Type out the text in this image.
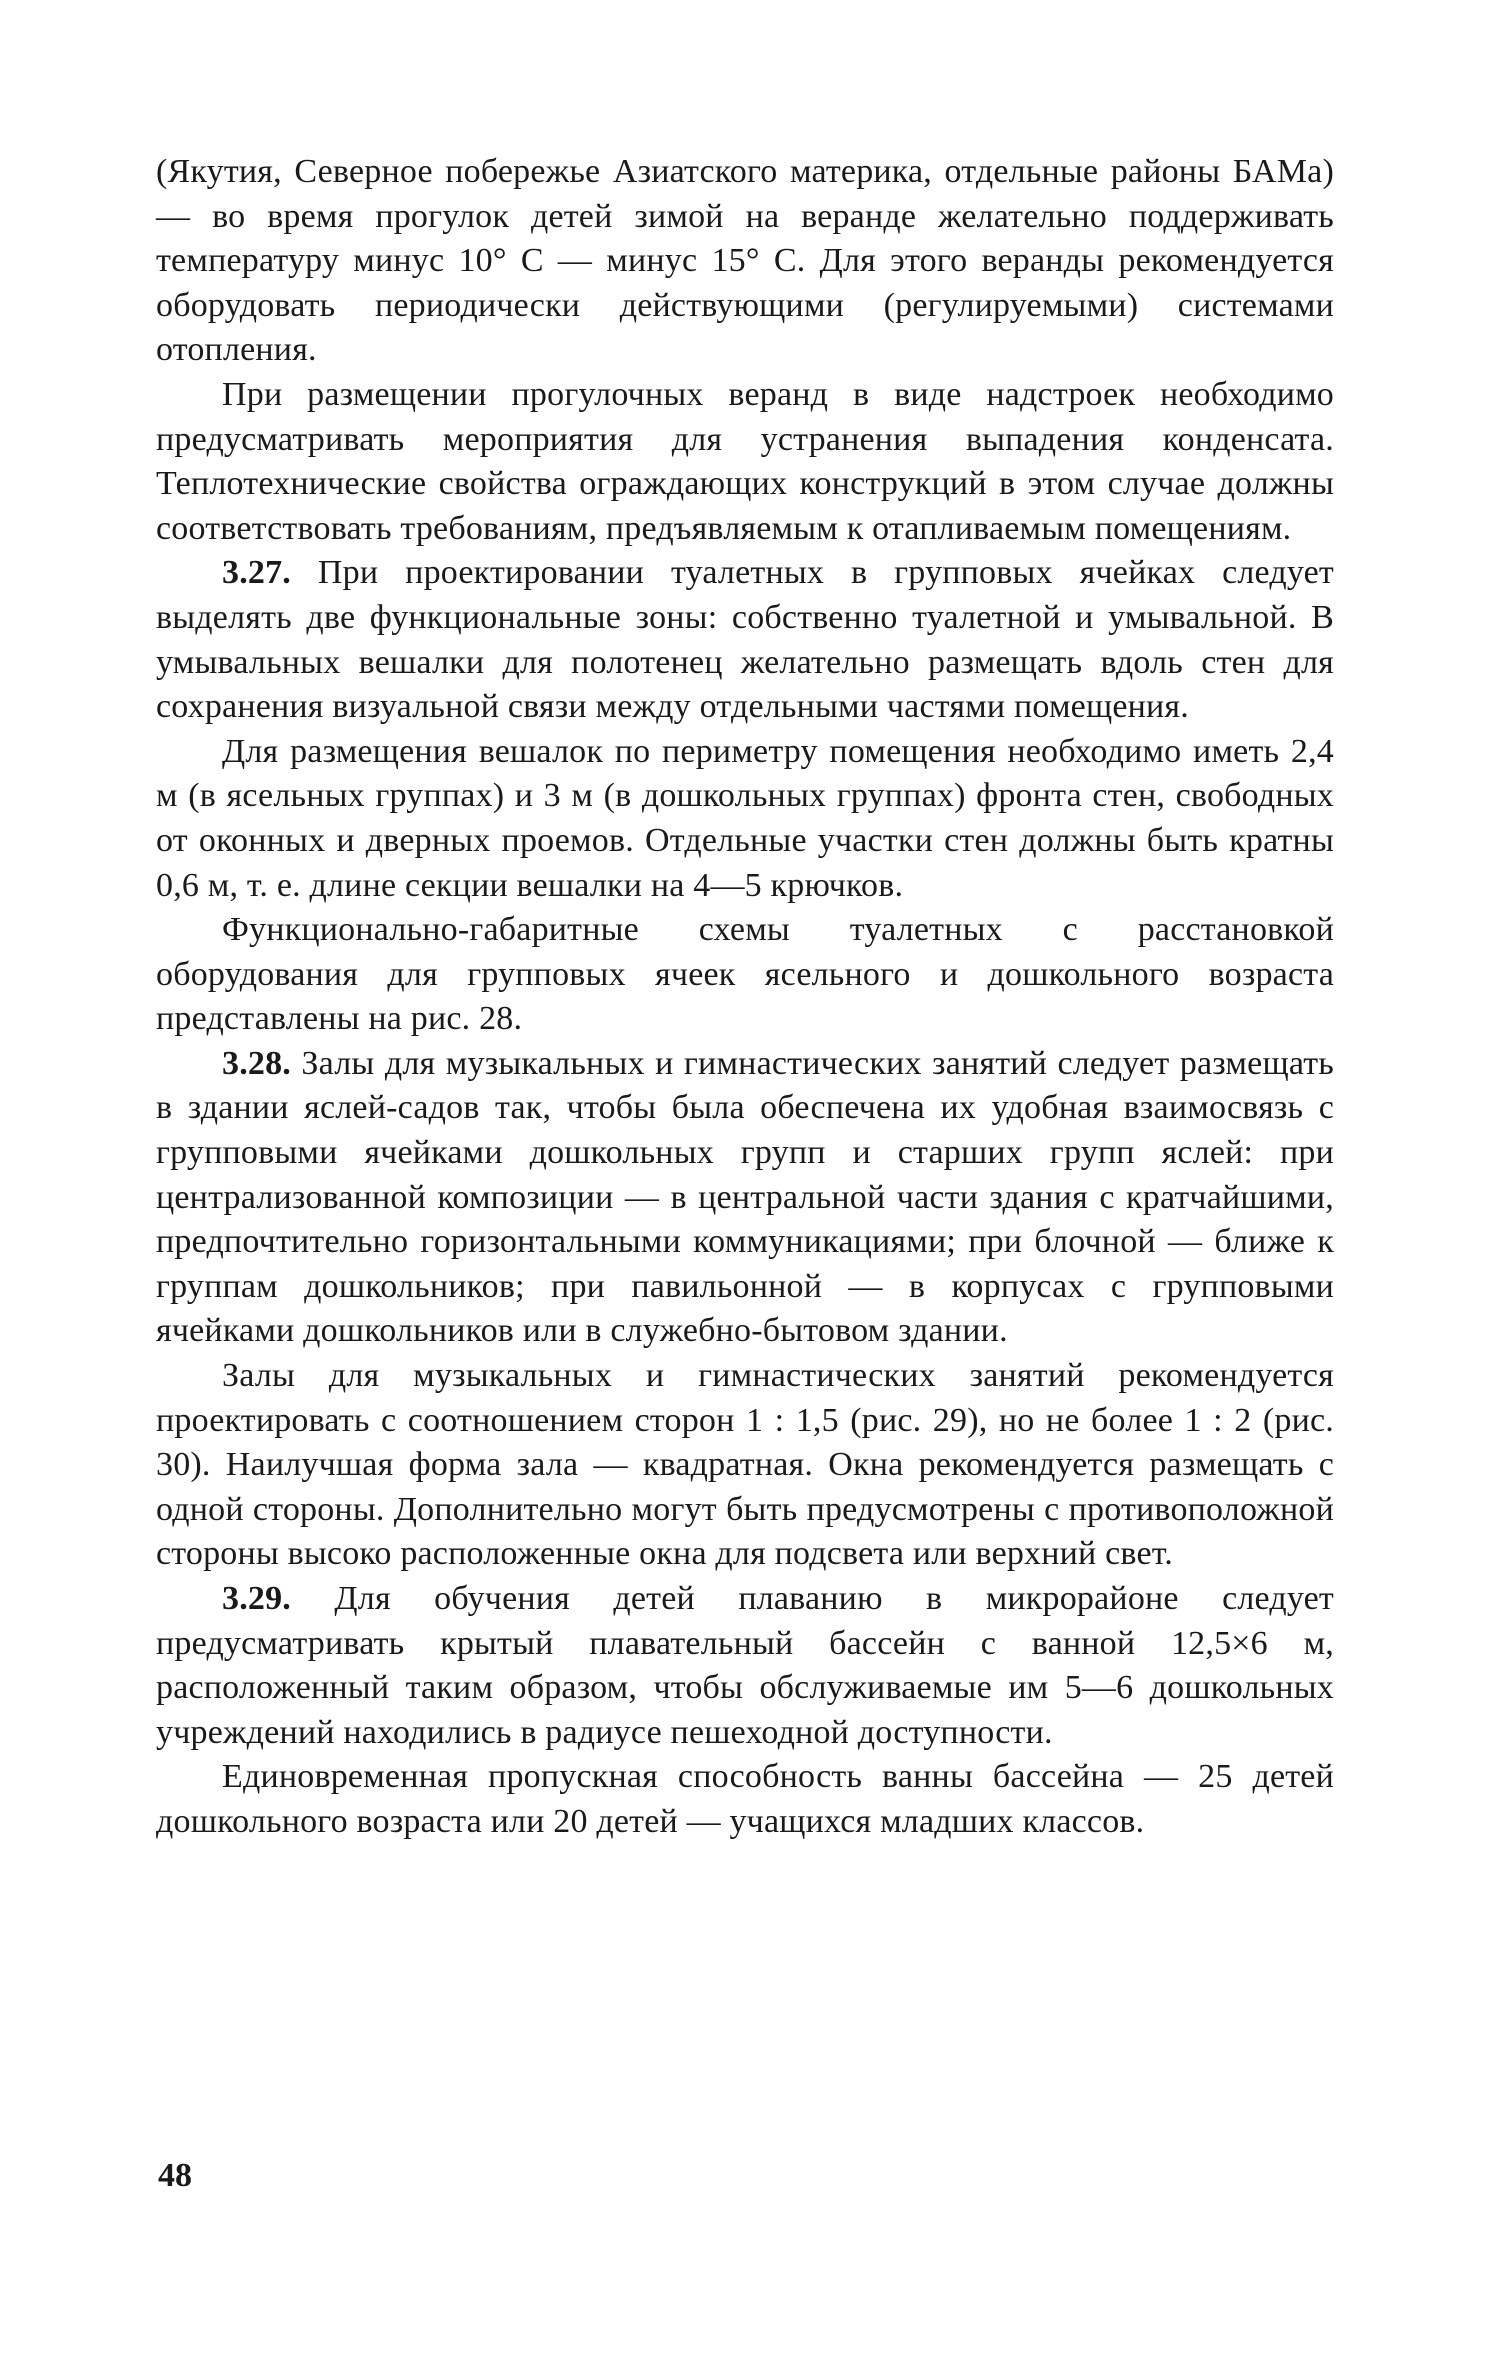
(Якутия, Северное побережье Азиатского материка, отдельные районы БАМа) — во время прогулок детей зимой на веранде желательно поддерживать температуру минус 10° С — минус 15° С. Для этого веранды рекомендуется оборудовать периодически действующими (регулируемыми) системами отопления.

При размещении прогулочных веранд в виде надстроек необходимо предусматривать мероприятия для устранения выпадения конденсата. Теплотехнические свойства ограждающих конструкций в этом случае должны соответствовать требованиям, предъявляемым к отапливаемым помещениям.

3.27. При проектировании туалетных в групповых ячейках следует выделять две функциональные зоны: собственно туалетной и умывальной. В умывальных вешалки для полотенец желательно размещать вдоль стен для сохранения визуальной связи между отдельными частями помещения.

Для размещения вешалок по периметру помещения необходимо иметь 2,4 м (в ясельных группах) и 3 м (в дошкольных группах) фронта стен, свободных от оконных и дверных проемов. Отдельные участки стен должны быть кратны 0,6 м, т. е. длине секции вешалки на 4—5 крючков.

Функционально-габаритные схемы туалетных с расстановкой оборудования для групповых ячеек ясельного и дошкольного возраста представлены на рис. 28.

3.28. Залы для музыкальных и гимнастических занятий следует размещать в здании яслей-садов так, чтобы была обеспечена их удобная взаимосвязь с групповыми ячейками дошкольных групп и старших групп яслей: при централизованной композиции — в центральной части здания с кратчайшими, предпочтительно горизонтальными коммуникациями; при блочной — ближе к группам дошкольников; при павильонной — в корпусах с групповыми ячейками дошкольников или в служебно-бытовом здании.

Залы для музыкальных и гимнастических занятий рекомендуется проектировать с соотношением сторон 1 : 1,5 (рис. 29), но не более 1 : 2 (рис. 30). Наилучшая форма зала — квадратная. Окна рекомендуется размещать с одной стороны. Дополнительно могут быть предусмотрены с противоположной стороны высоко расположенные окна для подсвета или верхний свет.

3.29. Для обучения детей плаванию в микрорайоне следует предусматривать крытый плавательный бассейн с ванной 12,5×6 м, расположенный таким образом, чтобы обслуживаемые им 5—6 дошкольных учреждений находились в радиусе пешеходной доступности.

Единовременная пропускная способность ванны бассейна — 25 детей дошкольного возраста или 20 детей — учащихся младших классов.

48
